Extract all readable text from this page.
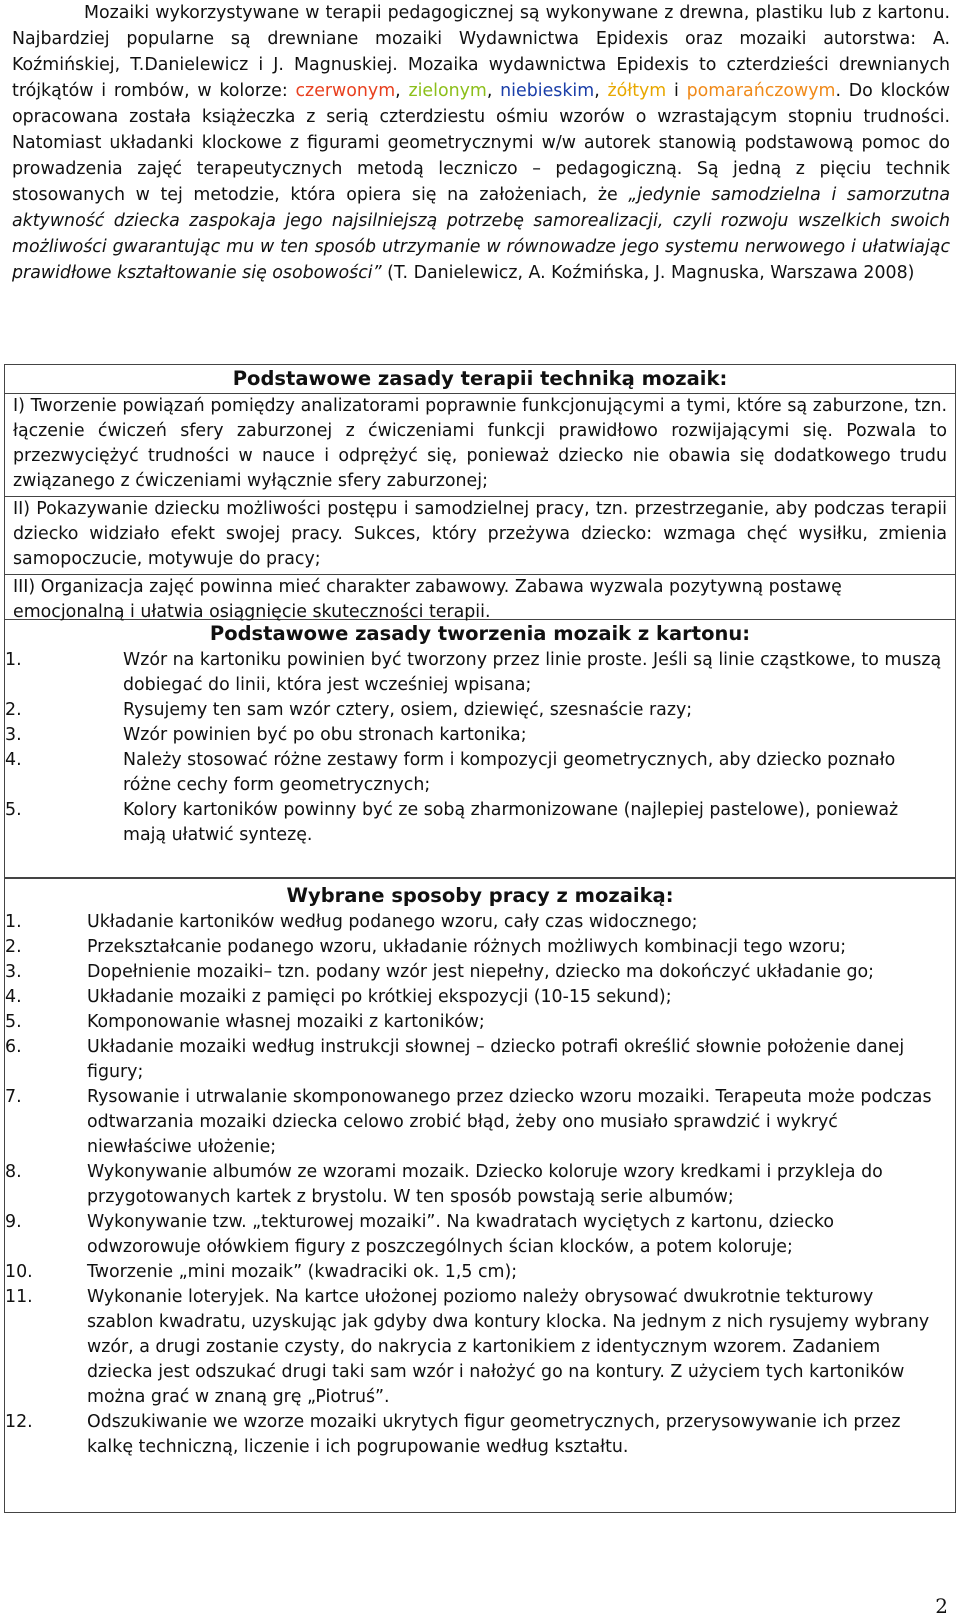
Mozaiki wykorzystywane w terapii pedagogicznej są wykonywane z drewna, plastiku lub z kartonu. Najbardziej popularne są drewniane mozaiki Wydawnictwa Epidexis oraz mozaiki autorstwa: A. Koźmińskiej, T.Danielewicz i J. Magnuskiej. Mozaika wydawnictwa Epidexis to czterdzieści drewnianych trójkątów i rombów, w kolorze: czerwonym, zielonym, niebieskim, żółtym i pomarańczowym. Do klocków opracowana została książeczka z serią czterdziestu ośmiu wzorów o wzrastającym stopniu trudności. Natomiast układanki klockowe z figurami geometrycznymi w/w autorek stanowią podstawową pomoc do prowadzenia zajęć terapeutycznych metodą leczniczo – pedagogiczną. Są jedną z pięciu technik stosowanych w tej metodzie, która opiera się na założeniach, że „jedynie samodzielna i samorzutna aktywność dziecka zaspokaja jego najsilniejszą potrzebę samorealizacji, czyli rozwoju wszelkich swoich możliwości gwarantując mu w ten sposób utrzymanie w równowadze jego systemu nerwowego i ułatwiając prawidłowe kształtowanie się osobowości” (T. Danielewicz, A. Koźmińska, J. Magnuska, Warszawa 2008)

Podstawowe zasady terapii techniką mozaik:
I) Tworzenie powiązań pomiędzy analizatorami poprawnie funkcjonującymi a tymi, które są zaburzone, tzn. łączenie ćwiczeń sfery zaburzonej z ćwiczeniami funkcji prawidłowo rozwijającymi się. Pozwala to przezwyciężyć trudności w nauce i odprężyć się, ponieważ dziecko nie obawia się dodatkowego trudu związanego z ćwiczeniami wyłącznie sfery zaburzonej;
II) Pokazywanie dziecku możliwości postępu i samodzielnej pracy, tzn. przestrzeganie, aby podczas terapii dziecko widziało efekt swojej pracy. Sukces, który przeżywa dziecko: wzmaga chęć wysiłku, zmienia samopoczucie, motywuje do pracy;
III) Organizacja zajęć powinna mieć charakter zabawowy. Zabawa wyzwala pozytywną postawę emocjonalną i ułatwia osiągnięcie skuteczności terapii.
Podstawowe zasady tworzenia mozaik z kartonu:
1.	Wzór na kartoniku powinien być tworzony przez linie proste. Jeśli są linie cząstkowe, to muszą dobiegać do linii, która jest wcześniej wpisana;
2.	Rysujemy ten sam wzór cztery, osiem, dziewięć, szesnaście razy;
3.	Wzór powinien być po obu stronach kartonika;
4.	Należy stosować różne zestawy form i kompozycji geometrycznych, aby dziecko poznało różne cechy form geometrycznych;
5.	Kolory kartoników powinny być ze sobą zharmonizowane (najlepiej pastelowe), ponieważ mają ułatwić syntezę.
Wybrane sposoby pracy z mozaiką:
1.	Układanie kartoników według podanego wzoru, cały czas widocznego;
2.	Przekształcanie podanego wzoru, układanie różnych możliwych kombinacji tego wzoru;
3.	Dopełnienie mozaiki– tzn. podany wzór jest niepełny, dziecko ma dokończyć układanie go;
4.	Układanie mozaiki z pamięci po krótkiej ekspozycji (10-15 sekund);
5.	Komponowanie własnej mozaiki z kartoników;
6.	Układanie mozaiki według instrukcji słownej – dziecko potrafi określić słownie położenie danej figury;
7.	Rysowanie i utrwalanie skomponowanego przez dziecko wzoru mozaiki. Terapeuta może podczas odtwarzania mozaiki dziecka celowo zrobić błąd, żeby ono musiało sprawdzić i wykryć niewłaściwe ułożenie;
8.	Wykonywanie albumów ze wzorami mozaik. Dziecko koloruje wzory kredkami i przykleja do przygotowanych kartek z brystolu. W ten sposób powstają serie albumów;
9.	Wykonywanie tzw. „tekturowej mozaiki”. Na kwadratach wyciętych z kartonu, dziecko odwzorowuje ołówkiem figury z poszczególnych ścian klocków, a potem koloruje;
10.	Tworzenie „mini mozaik” (kwadraciki ok. 1,5 cm);
11.	Wykonanie loteryjek. Na kartce ułożonej poziomo należy obrysować dwukrotnie tekturowy szablon kwadratu, uzyskując jak gdyby dwa kontury klocka. Na jednym z nich rysujemy wybrany wzór, a drugi zostanie czysty, do nakrycia z kartonikiem z identycznym wzorem. Zadaniem dziecka jest odszukać drugi taki sam wzór i nałożyć go na kontury. Z użyciem tych kartoników można grać w znaną grę „Piotruś”.
12.	Odszukiwanie we wzorze mozaiki ukrytych figur geometrycznych, przerysowywanie ich przez kalkę techniczną, liczenie i ich pogrupowanie według kształtu.
2
